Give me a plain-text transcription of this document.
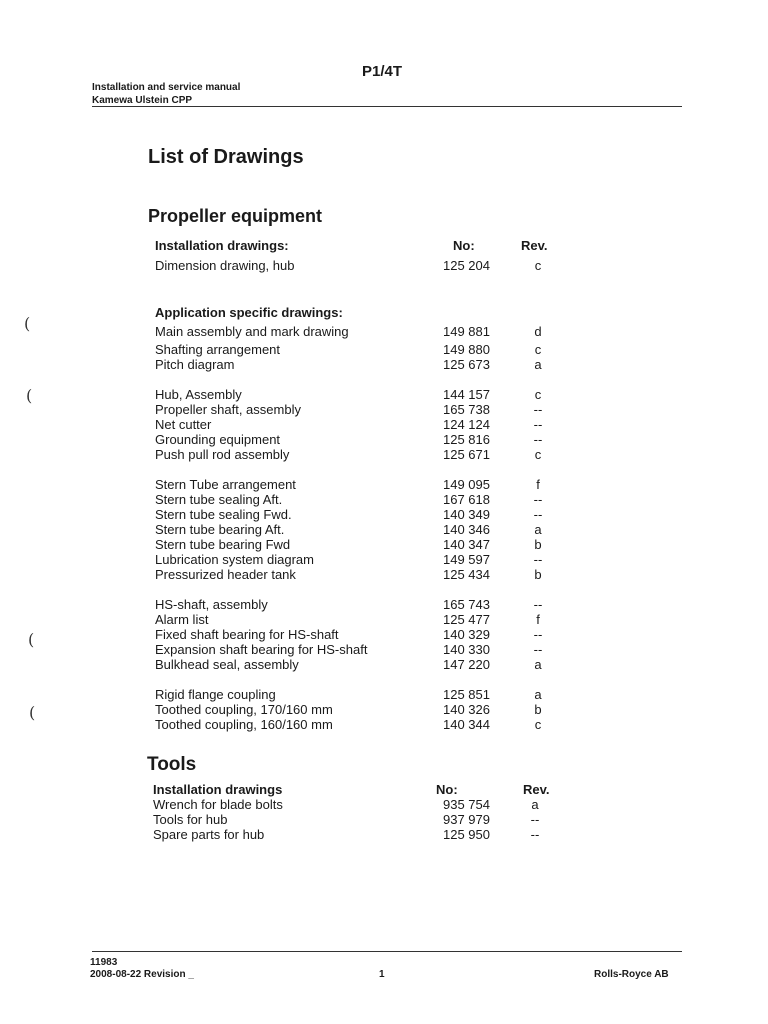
P1/4T
Installation and service manual
Kamewa Ulstein CPP
List of Drawings
Propeller equipment
Installation drawings:	No:	Rev.
Dimension drawing, hub	125 204	c
Application specific drawings:
Main assembly and mark drawing	149 881	d
Shafting arrangement	149 880	c
Pitch diagram	125 673	a
Hub, Assembly	144 157	c
Propeller shaft, assembly	165 738	--
Net cutter	124 124	--
Grounding equipment	125 816	--
Push pull rod assembly	125 671	c
Stern Tube arrangement	149 095	f
Stern tube sealing Aft.	167 618	--
Stern tube sealing Fwd.	140 349	--
Stern tube bearing Aft.	140 346	a
Stern tube bearing Fwd	140 347	b
Lubrication system diagram	149 597	--
Pressurized header tank	125 434	b
HS-shaft, assembly	165 743	--
Alarm list	125 477	f
Fixed shaft bearing for HS-shaft	140 329	--
Expansion shaft bearing for HS-shaft	140 330	--
Bulkhead seal, assembly	147 220	a
Rigid flange coupling	125 851	a
Toothed coupling, 170/160 mm	140 326	b
Toothed coupling, 160/160 mm	140 344	c
Tools
Installation drawings	No:	Rev.
Wrench for blade bolts	935 754	a
Tools for hub	937 979	--
Spare parts for hub	125 950	--
(
(
(
(
11983
2008-08-22 Revision _	1	Rolls-Royce AB
